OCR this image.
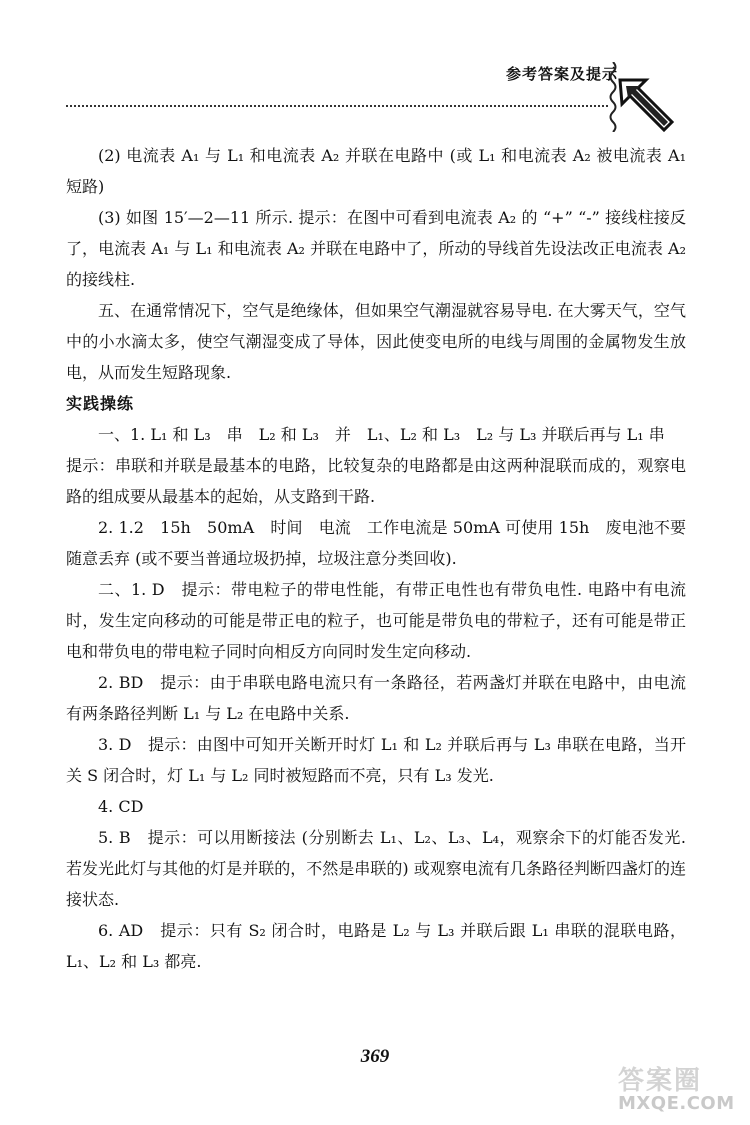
参考答案及提示

(2) 电流表 A₁ 与 L₁ 和电流表 A₂ 并联在电路中 (或 L₁ 和电流表 A₂ 被电流表 A₁ 短路)

(3) 如图 15′—2—11 所示. 提示：在图中可看到电流表 A₂ 的 “+” “-” 接线柱接反了，电流表 A₁ 与 L₁ 和电流表 A₂ 并联在电路中了，所动的导线首先设法改正电流表 A₂ 的接线柱.

五、在通常情况下，空气是绝缘体，但如果空气潮湿就容易导电. 在大雾天气，空气中的小水滴太多，使空气潮湿变成了导体，因此使变电所的电线与周围的金属物发生放电，从而发生短路现象.

实践操练

一、1. L₁ 和 L₃　串　L₂ 和 L₃　并　L₁、L₂ 和 L₃　L₂ 与 L₃ 并联后再与 L₁ 串

提示：串联和并联是最基本的电路，比较复杂的电路都是由这两种混联而成的，观察电路的组成要从最基本的起始，从支路到干路.

2. 1.2　15h　50mA　时间　电流　工作电流是 50mA 可使用 15h　废电池不要随意丢弃 (或不要当普通垃圾扔掉，垃圾注意分类回收).

二、1. D　提示：带电粒子的带电性能，有带正电性也有带负电性. 电路中有电流时，发生定向移动的可能是带正电的粒子，也可能是带负电的带粒子，还有可能是带正电和带负电的带电粒子同时向相反方向同时发生定向移动.

2. BD　提示：由于串联电路电流只有一条路径，若两盏灯并联在电路中，由电流有两条路径判断 L₁ 与 L₂ 在电路中关系.

3. D　提示：由图中可知开关断开时灯 L₁ 和 L₂ 并联后再与 L₃ 串联在电路，当开关 S 闭合时，灯 L₁ 与 L₂ 同时被短路而不亮，只有 L₃ 发光.

4. CD

5. B　提示：可以用断接法 (分别断去 L₁、L₂、L₃、L₄，观察余下的灯能否发光. 若发光此灯与其他的灯是并联的，不然是串联的) 或观察电流有几条路径判断四盏灯的连接状态.

6. AD　提示：只有 S₂ 闭合时，电路是 L₂ 与 L₃ 并联后跟 L₁ 串联的混联电路，L₁、L₂ 和 L₃ 都亮.

369
答案圈
MXQE.COM
